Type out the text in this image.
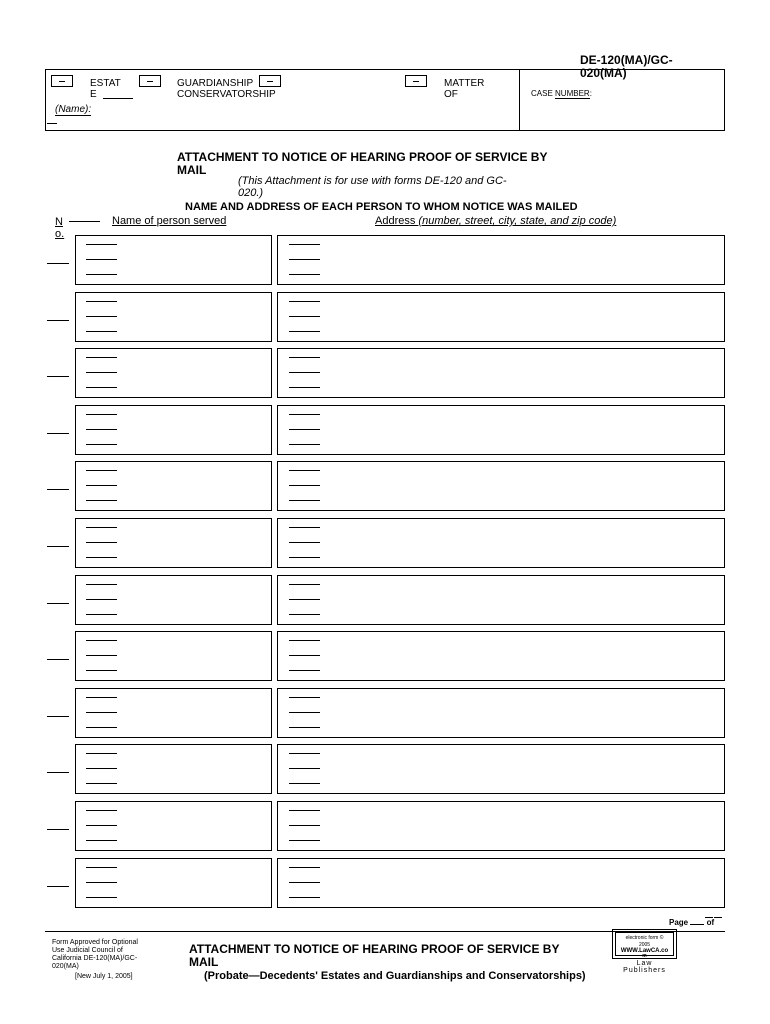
DE-120(MA)/GC-020(MA)
ESTAT
E
GUARDIANSHIP
CONSERVATORSHIP
MATTER
OF
(Name):
CASE NUMBER:
ATTACHMENT TO NOTICE OF HEARING PROOF OF SERVICE BY MAIL
(This Attachment is for use with forms DE-120 and GC-020.)
NAME AND ADDRESS OF EACH PERSON TO WHOM NOTICE WAS MAILED
N
o.
Name of person served	Address (number, street, city, state, and zip code)
Page of
Form Approved for Optional Use Judicial Council of California DE-120(MA)/GC-020(MA)
[New July 1, 2005]
ATTACHMENT TO NOTICE OF HEARING PROOF OF SERVICE BY MAIL
(Probate—Decedents' Estates and Guardianships and Conservatorships)
electronic form ©
2005
WWW.LawCA.co
m
Law
Publishers
